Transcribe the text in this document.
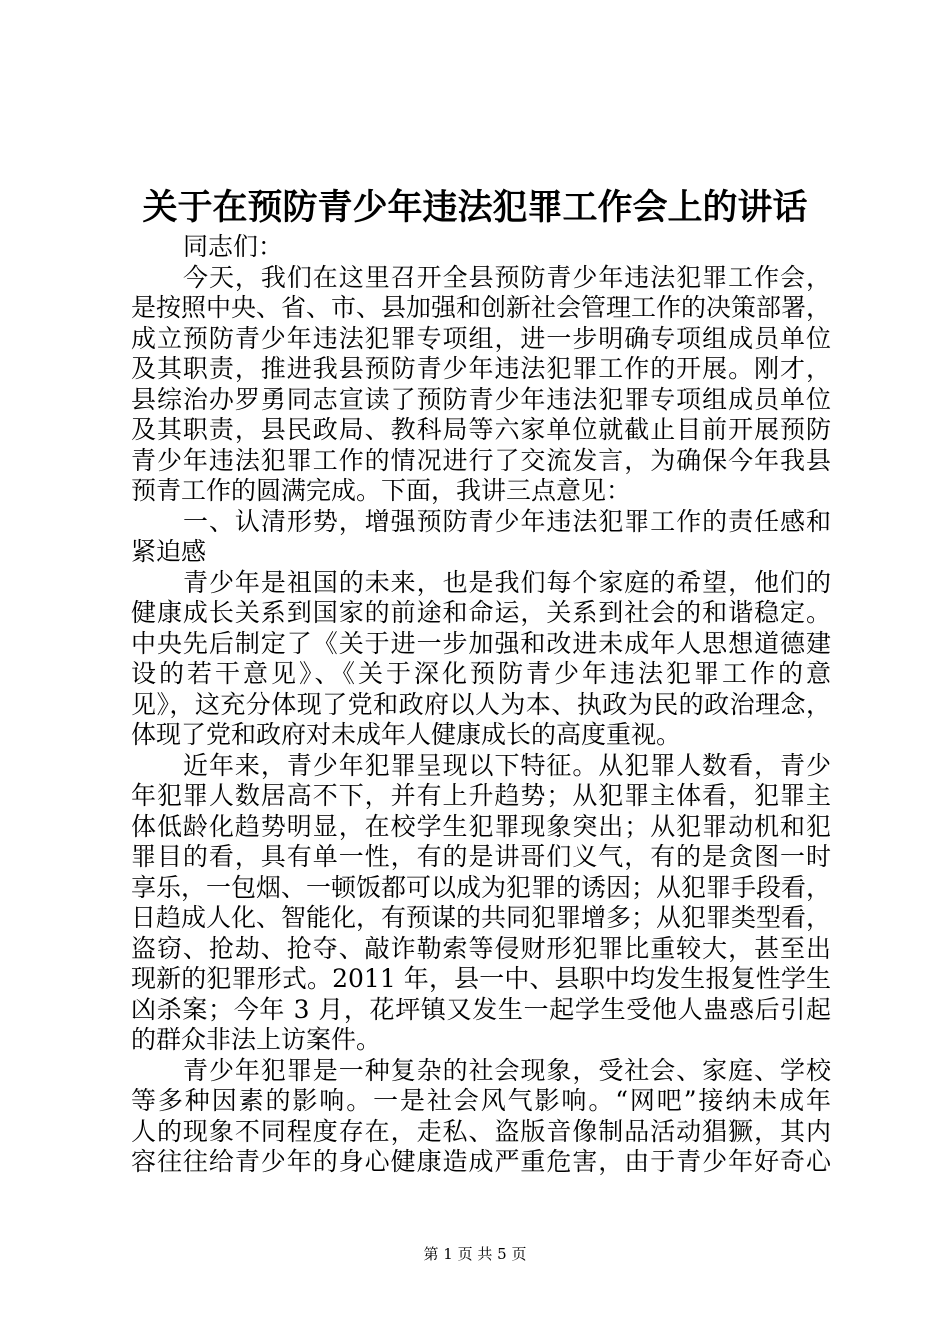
关于在预防青少年违法犯罪工作会上的讲话
同志们：
今天，我们在这里召开全县预防青少年违法犯罪工作会，
是按照中央、省、市、县加强和创新社会管理工作的决策部署，
成立预防青少年违法犯罪专项组，进一步明确专项组成员单位
及其职责，推进我县预防青少年违法犯罪工作的开展。刚才，
县综治办罗勇同志宣读了预防青少年违法犯罪专项组成员单位
及其职责，县民政局、教科局等六家单位就截止目前开展预防
青少年违法犯罪工作的情况进行了交流发言，为确保今年我县
预青工作的圆满完成。下面，我讲三点意见：
一、认清形势，增强预防青少年违法犯罪工作的责任感和
紧迫感
青少年是祖国的未来，也是我们每个家庭的希望，他们的
健康成长关系到国家的前途和命运，关系到社会的和谐稳定。
中央先后制定了《关于进一步加强和改进未成年人思想道德建
设的若干意见》、《关于深化预防青少年违法犯罪工作的意
见》，这充分体现了党和政府以人为本、执政为民的政治理念，
体现了党和政府对未成年人健康成长的高度重视。
近年来，青少年犯罪呈现以下特征。从犯罪人数看，青少
年犯罪人数居高不下，并有上升趋势；从犯罪主体看，犯罪主
体低龄化趋势明显，在校学生犯罪现象突出；从犯罪动机和犯
罪目的看，具有单一性，有的是讲哥们义气，有的是贪图一时
享乐，一包烟、一顿饭都可以成为犯罪的诱因；从犯罪手段看，
日趋成人化、智能化，有预谋的共同犯罪增多；从犯罪类型看，
盗窃、抢劫、抢夺、敲诈勒索等侵财形犯罪比重较大，甚至出
现新的犯罪形式。2011 年，县一中、县职中均发生报复性学生
凶杀案；今年 3 月，花坪镇又发生一起学生受他人蛊惑后引起
的群众非法上访案件。
青少年犯罪是一种复杂的社会现象，受社会、家庭、学校
等多种因素的影响。一是社会风气影响。“网吧”接纳未成年
人的现象不同程度存在，走私、盗版音像制品活动猖獗，其内
容往往给青少年的身心健康造成严重危害，由于青少年好奇心
第 1 页 共 5 页
